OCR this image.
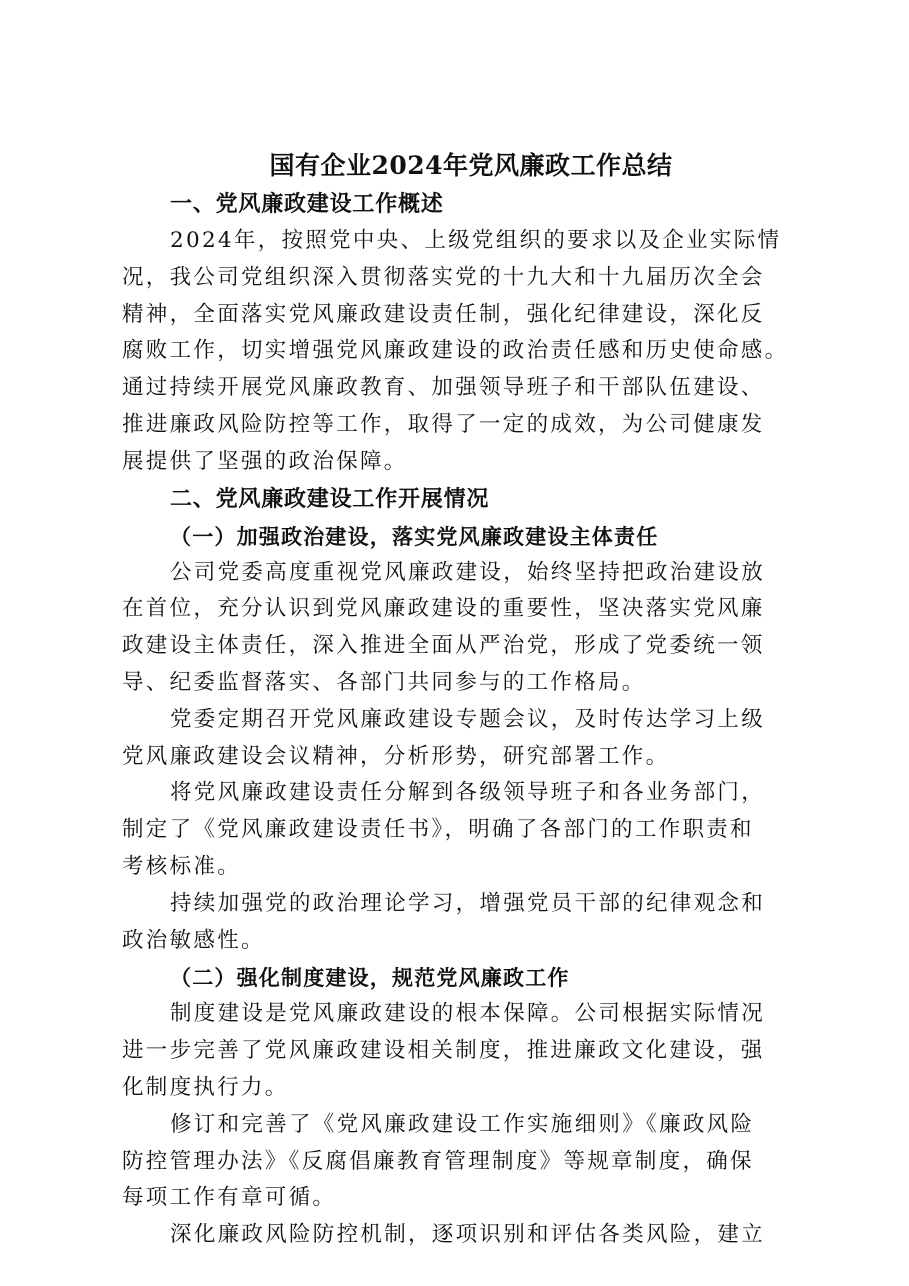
国有企业2024年党风廉政工作总结
一、党风廉政建设工作概述

2024年，按照党中央、上级党组织的要求以及企业实际情
况，我公司党组织深入贯彻落实党的十九大和十九届历次全会
精神，全面落实党风廉政建设责任制，强化纪律建设，深化反
腐败工作，切实增强党风廉政建设的政治责任感和历史使命感。
通过持续开展党风廉政教育、加强领导班子和干部队伍建设、
推进廉政风险防控等工作，取得了一定的成效，为公司健康发
展提供了坚强的政治保障。

二、党风廉政建设工作开展情况
（一）加强政治建设，落实党风廉政建设主体责任

公司党委高度重视党风廉政建设，始终坚持把政治建设放
在首位，充分认识到党风廉政建设的重要性，坚决落实党风廉
政建设主体责任，深入推进全面从严治党，形成了党委统一领
导、纪委监督落实、各部门共同参与的工作格局。

党委定期召开党风廉政建设专题会议，及时传达学习上级
党风廉政建设会议精神，分析形势，研究部署工作。

将党风廉政建设责任分解到各级领导班子和各业务部门，
制定了《党风廉政建设责任书》，明确了各部门的工作职责和
考核标准。

持续加强党的政治理论学习，增强党员干部的纪律观念和
政治敏感性。

（二）强化制度建设，规范党风廉政工作

制度建设是党风廉政建设的根本保障。公司根据实际情况
进一步完善了党风廉政建设相关制度，推进廉政文化建设，强
化制度执行力。

修订和完善了《党风廉政建设工作实施细则》《廉政风险
防控管理办法》《反腐倡廉教育管理制度》等规章制度，确保
每项工作有章可循。

深化廉政风险防控机制，逐项识别和评估各类风险，建立
